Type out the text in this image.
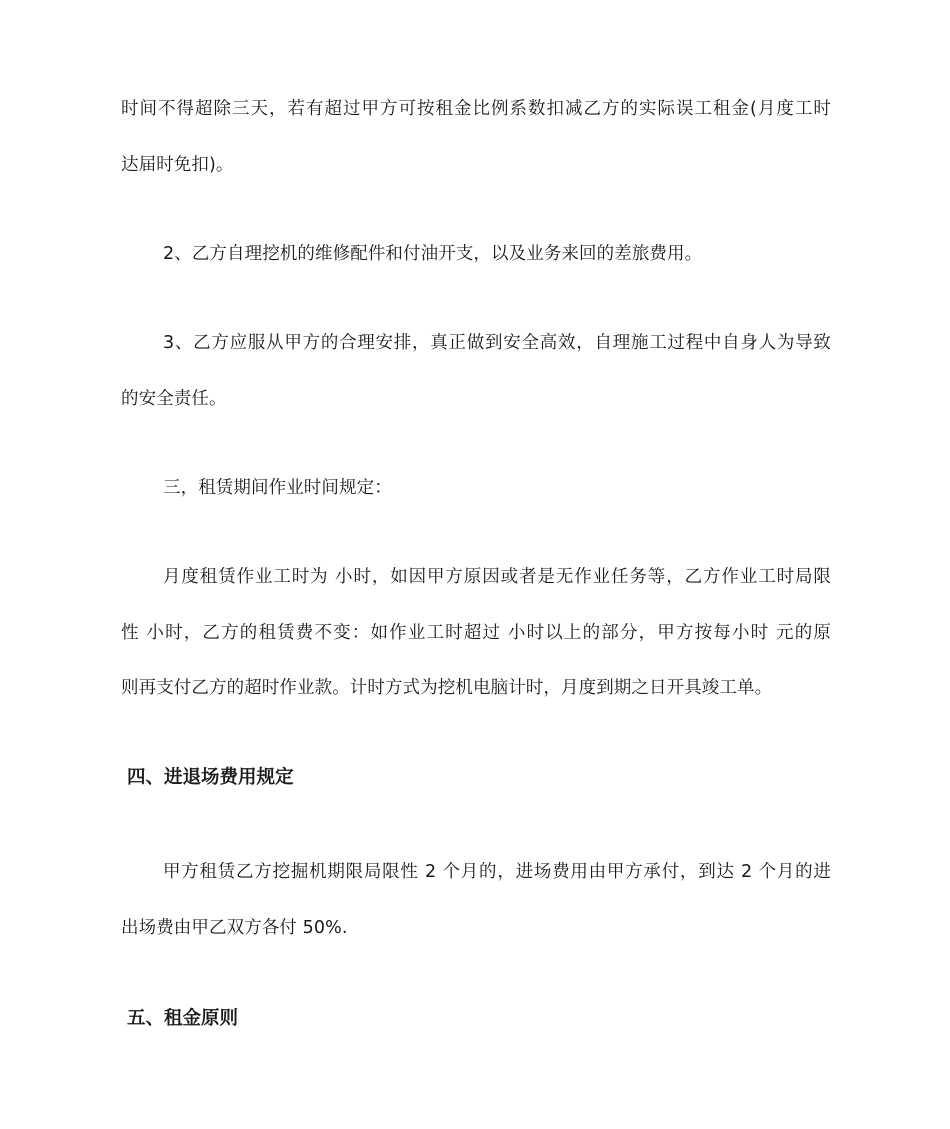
时间不得超除三天，若有超过甲方可按租金比例系数扣减乙方的实际误工租金(月度工时
达届时免扣)。
2、乙方自理挖机的维修配件和付油开支，以及业务来回的差旅费用。
3、乙方应服从甲方的合理安排，真正做到安全高效，自理施工过程中自身人为导致
的安全责任。
三，租赁期间作业时间规定：
月度租赁作业工时为 小时，如因甲方原因或者是无作业任务等，乙方作业工时局限
性 小时，乙方的租赁费不变：如作业工时超过 小时以上的部分，甲方按每小时 元的原
则再支付乙方的超时作业款。计时方式为挖机电脑计时，月度到期之日开具竣工单。
四、进退场费用规定
甲方租赁乙方挖掘机期限局限性 2 个月的，进场费用由甲方承付，到达 2 个月的进
出场费由甲乙双方各付 50%.
五、租金原则
